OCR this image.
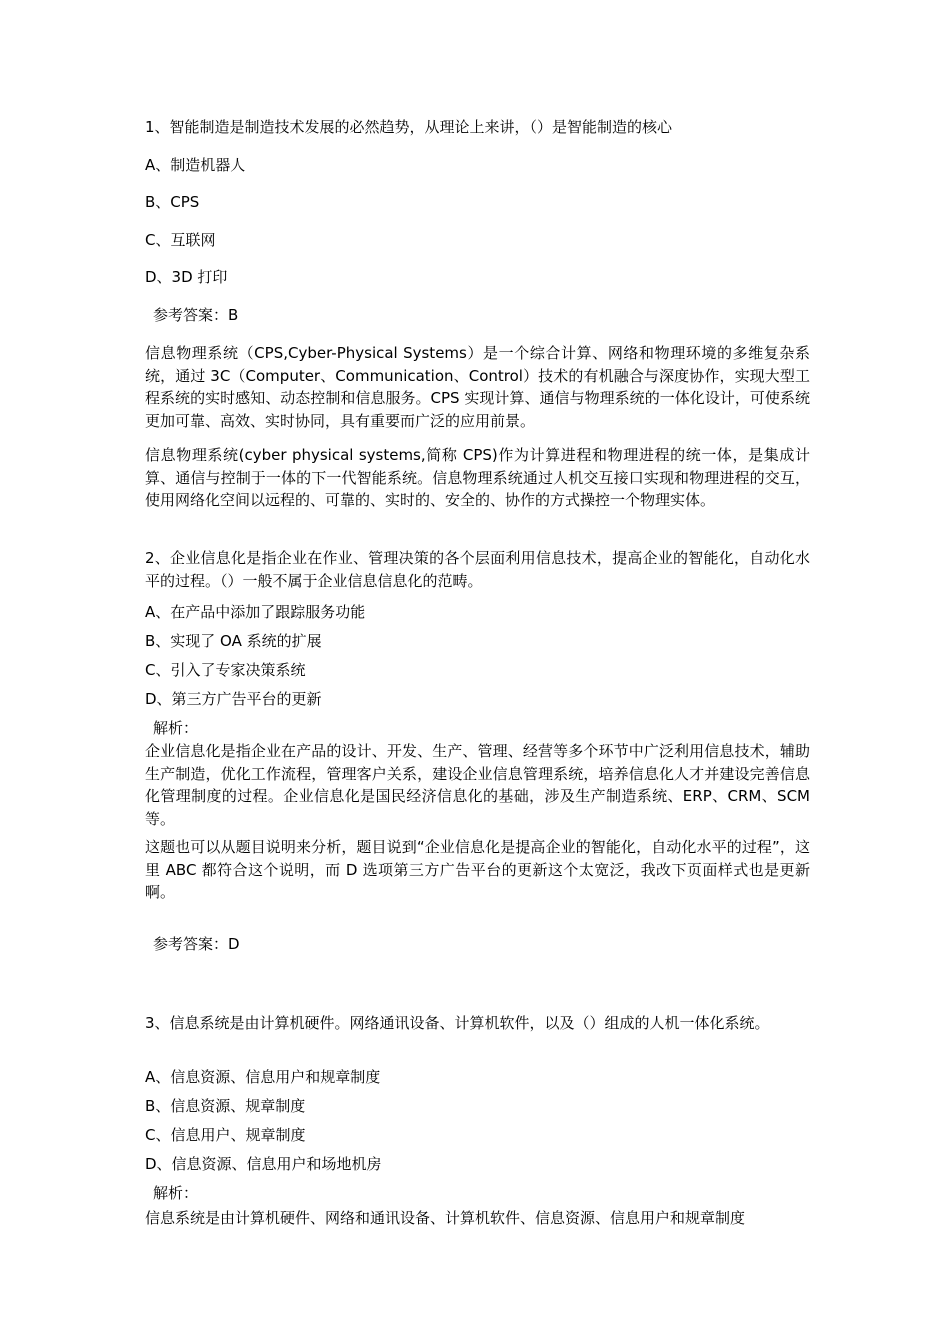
1、智能制造是制造技术发展的必然趋势，从理论上来讲，（）是智能制造的核心
A、制造机器人
B、CPS
C、互联网
D、3D 打印
参考答案：B
信息物理系统（CPS,Cyber-Physical Systems）是一个综合计算、网络和物理环境的多维复杂系统，通过 3C（Computer、Communication、Control）技术的有机融合与深度协作，实现大型工程系统的实时感知、动态控制和信息服务。CPS 实现计算、通信与物理系统的一体化设计，可使系统更加可靠、高效、实时协同，具有重要而广泛的应用前景。
信息物理系统(cyber physical systems,简称 CPS)作为计算进程和物理进程的统一体，是集成计算、通信与控制于一体的下一代智能系统。信息物理系统通过人机交互接口实现和物理进程的交互，使用网络化空间以远程的、可靠的、实时的、安全的、协作的方式操控一个物理实体。
2、企业信息化是指企业在作业、管理决策的各个层面利用信息技术，提高企业的智能化，自动化水平的过程。（）一般不属于企业信息信息化的范畴。
A、在产品中添加了跟踪服务功能
B、实现了 OA 系统的扩展
C、引入了专家决策系统
D、第三方广告平台的更新
解析：
企业信息化是指企业在产品的设计、开发、生产、管理、经营等多个环节中广泛利用信息技术，辅助生产制造，优化工作流程，管理客户关系，建设企业信息管理系统，培养信息化人才并建设完善信息化管理制度的过程。企业信息化是国民经济信息化的基础，涉及生产制造系统、ERP、CRM、SCM 等。
这题也可以从题目说明来分析，题目说到“企业信息化是提高企业的智能化，自动化水平的过程”，这里 ABC 都符合这个说明，而 D 选项第三方广告平台的更新这个太宽泛，我改下页面样式也是更新啊。
参考答案：D
3、信息系统是由计算机硬件。网络通讯设备、计算机软件，以及（）组成的人机一体化系统。
A、信息资源、信息用户和规章制度
B、信息资源、规章制度
C、信息用户、规章制度
D、信息资源、信息用户和场地机房
解析：
信息系统是由计算机硬件、网络和通讯设备、计算机软件、信息资源、信息用户和规章制度
